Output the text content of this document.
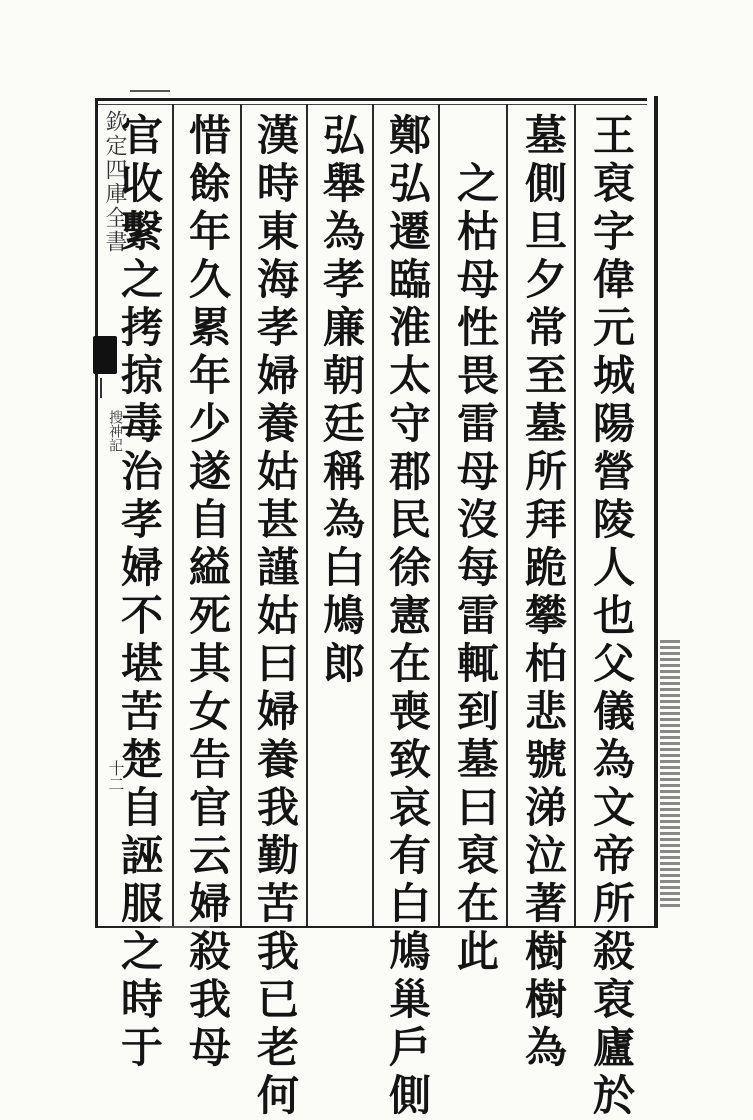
欽定四庫全書
搜神記
十二
王
裒
字
偉
元
城
陽
營
陵
人
也
父
儀
為
文
帝
所
殺
裒
廬
於
墓
側
旦
夕
常
至
墓
所
拜
跪
攀
柏
悲
號
涕
泣
著
樹
樹
為
之
枯
母
性
畏
雷
母
沒
每
雷
輒
到
墓
曰
裒
在
此
鄭
弘
遷
臨
淮
太
守
郡
民
徐
憲
在
喪
致
哀
有
白
鳩
巢
戶
側
弘
舉
為
孝
廉
朝
廷
稱
為
白
鳩
郎
漢
時
東
海
孝
婦
養
姑
甚
謹
姑
曰
婦
養
我
勤
苦
我
已
老
何
惜
餘
年
久
累
年
少
遂
自
縊
死
其
女
告
官
云
婦
殺
我
母
官
收
繫
之
拷
掠
毒
治
孝
婦
不
堪
苦
楚
自
誣
服
之
時
于
